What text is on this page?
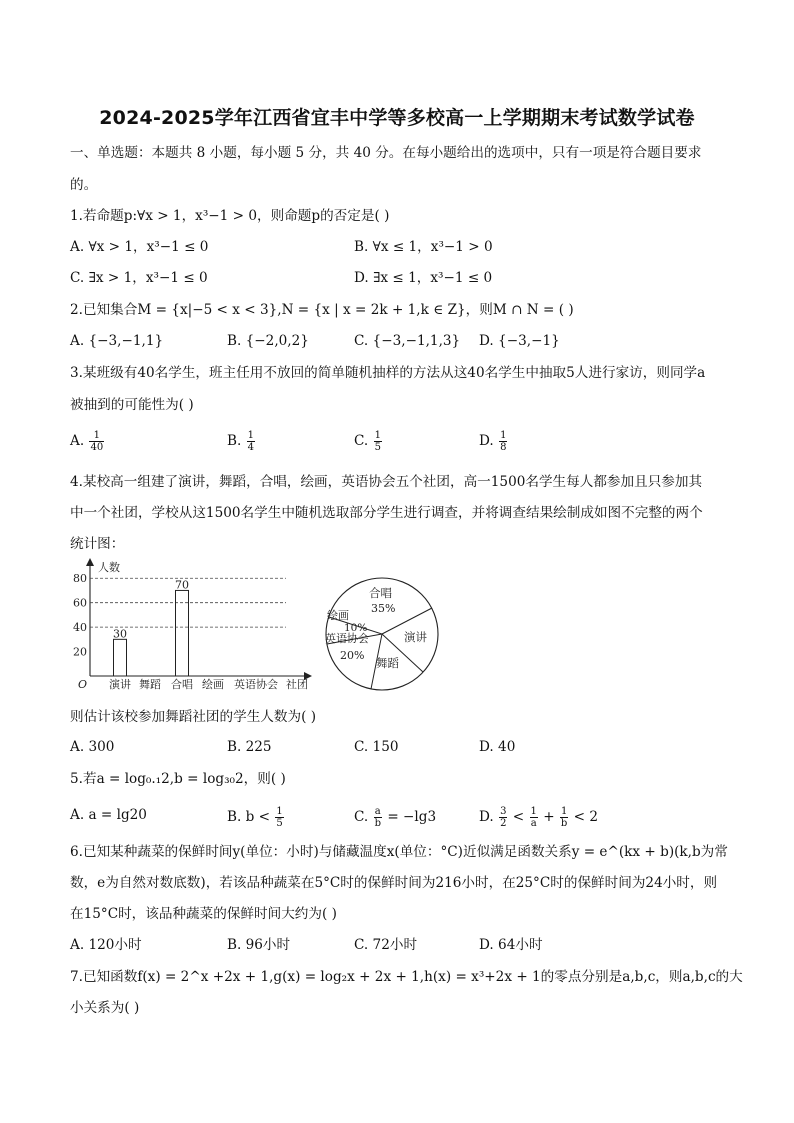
2024-2025学年江西省宜丰中学等多校高一上学期期末考试数学试卷
一、单选题：本题共 8 小题，每小题 5 分，共 40 分。在每小题给出的选项中，只有一项是符合题目要求
的。
1.若命题p:∀x > 1，x³−1 > 0，则命题p的否定是( )
A. ∀x > 1，x³−1 ≤ 0	B. ∀x ≤ 1，x³−1 > 0
C. ∃x > 1，x³−1 ≤ 0	D. ∃x ≤ 1，x³−1 ≤ 0
2.已知集合M = {x|−5 < x < 3},N = {x | x = 2k + 1,k ∈ Z}，则M ∩ N = ( )
A. {−3,−1,1}	B. {−2,0,2}	C. {−3,−1,1,3} D. {−3,−1}
3.某班级有40名学生，班主任用不放回的简单随机抽样的方法从这40名学生中抽取5人进行家访，则同学a
被抽到的可能性为( )
A. $\frac{1}{40}$	B. $\frac{1}{4}$	C. $\frac{1}{5}$	D. $\frac{1}{8}$
4.某校高一组建了演讲，舞蹈，合唱，绘画，英语协会五个社团，高一1500名学生每人都参加且只参加其
中一个社团，学校从这1500名学生中随机选取部分学生进行调查，并将调查结果绘制成如图不完整的两个
统计图：
20
40
60
80
演讲
30
舞蹈 合唱
70
绘画 英语协会 社团
人数
O
合唱
35%
演讲
舞蹈
英语协会
20%
绘画
10%
则估计该校参加舞蹈社团的学生人数为( )
A. 300	B. 225	C. 150	D. 40
5.若a = log₀.₁2,b = log₃₀2，则( )
A. a = lg20	B. $b < \frac{1}{5}$	C. $\frac{a}{b} = -\lg 3$	D. $\frac{3}{2} < \frac{1}{a} + \frac{1}{b} < 2$
6.已知某种蔬菜的保鲜时间y(单位：小时)与储藏温度x(单位：°C)近似满足函数关系y = e^(kx + b)(k,b为常
数，e为自然对数底数)，若该品种蔬菜在5°C时的保鲜时间为216小时，在25°C时的保鲜时间为24小时，则
在15°C时，该品种蔬菜的保鲜时间大约为( )
A. 120小时	B. 96小时	C. 72小时	D. 64小时
7.已知函数f(x) = 2^x +2x + 1,g(x) = log₂x + 2x + 1,h(x) = x³+2x + 1的零点分别是a,b,c，则a,b,c的大
小关系为( )
